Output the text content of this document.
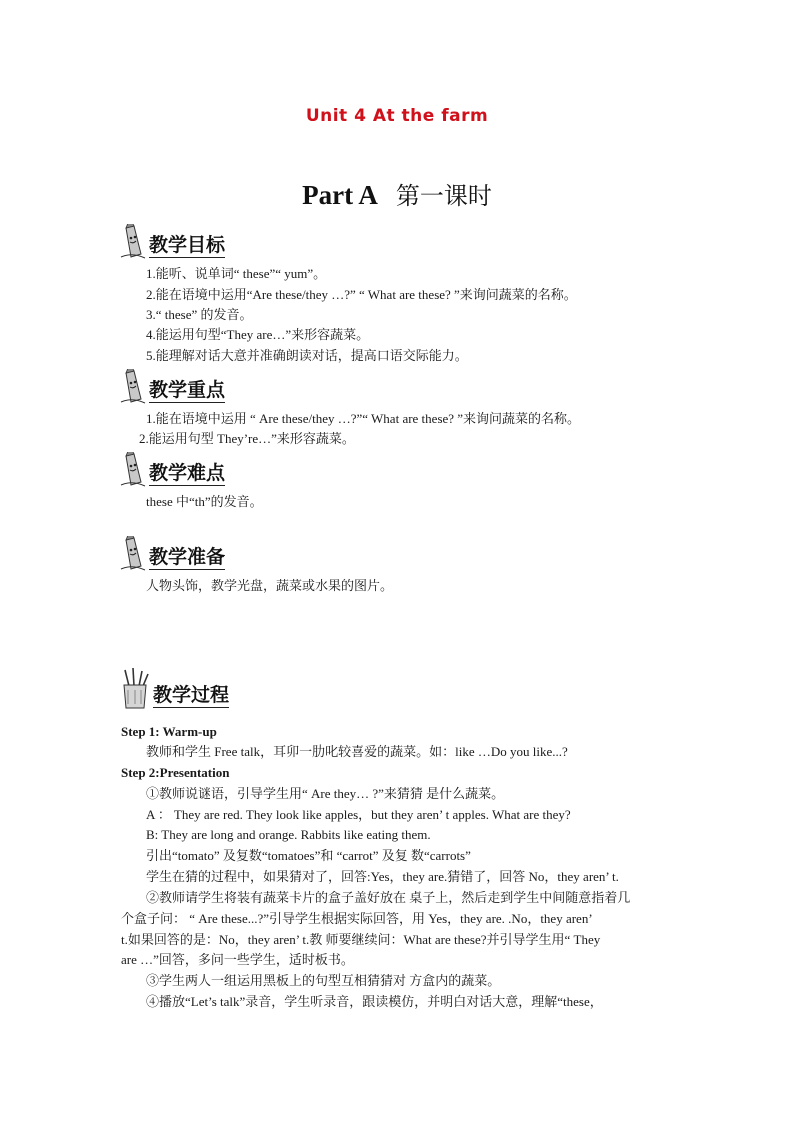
Unit 4 At the farm
Part A 第一课时
教学目标
1.能听、说单词“ these”“ yum”。
2.能在语境中运用“Are these/they …?” “ What are these? ”来询问蔬菜的名称。
3.“ these” 的发音。
4.能运用句型“They are…”来形容蔬菜。
5.能理解对话大意并准确朗读对话，提高口语交际能力。
教学重点
1.能在语境中运用 “ Are these/they …?”“ What are these? ”来询问蔬菜的名称。
2.能运用句型 They’re…”来形容蔬菜。
教学难点
these 中“th”的发音。
教学准备
人物头饰，教学光盘，蔬菜或水果的图片。
教学过程
Step 1: Warm-up
教师和学生 Free talk，耳卯一肋叱较喜爱的蔬菜。如：like …Do you like...?
Step 2:Presentation
①教师说谜语，引导学生用“ Are they… ?”来猜猜 是什么蔬菜。
A ： They are red. They look like apples，but they aren’ t apples. What are they?
B: They are long and orange. Rabbits like eating them.
引出“tomato” 及复数“tomatoes”和 “carrot” 及复 数“carrots”
学生在猜的过程中，如果猜对了，回答:Yes，they are.猜错了，回答 No，they aren’ t.
②教师请学生将装有蔬菜卡片的盒子盖好放在 桌子上，然后走到学生中间随意指着几
个盒子问： “ Are these...?”引导学生根据实际回答，用 Yes，they are. .No，they aren’
t.如果回答的是：No，they aren’ t.教 师要继续问：What are these?并引导学生用“ They
are …”回答，多问一些学生，适时板书。
③学生两人一组运用黑板上的句型互相猜猜对 方盒内的蔬菜。
④播放“Let’s talk”录音，学生听录音，跟读模仿，并明白对话大意，理解“these，
